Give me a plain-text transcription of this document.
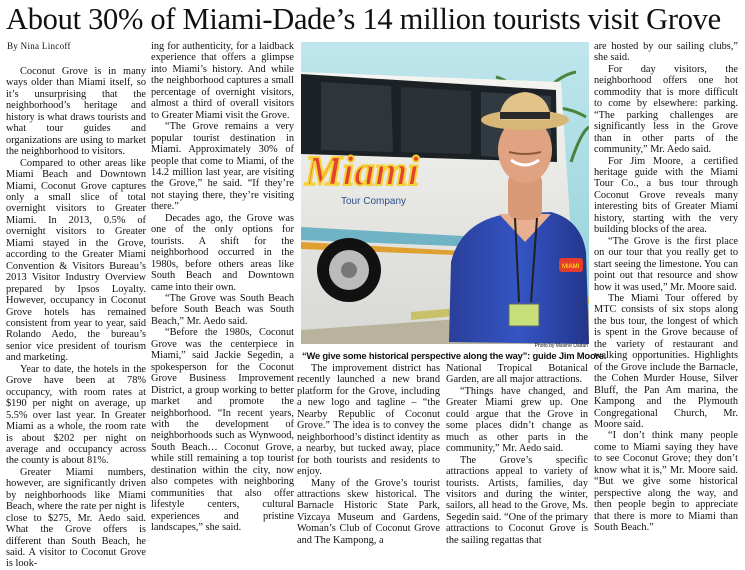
About 30% of Miami-Dade’s 14 million tourists visit Grove
By Nina Lincoff

Coconut Grove is in many ways older than Miami itself, so it’s unsurprising that the neighborhood’s heritage and history is what draws tourists and what tour guides and organizations are using to market the neighborhood to visitors.

Compared to other areas like Miami Beach and Downtown Miami, Coconut Grove captures only a small slice of total overnight visitors to Greater Miami. In 2013, 0.5% of overnight visitors to Greater Miami stayed in the Grove, according to the Greater Miami Convention & Visitors Bureau’s 2013 Visitor Industry Overview prepared by Ipsos Loyalty. However, occupancy in Coconut Grove hotels has remained consistent from year to year, said Rolando Aedo, the bureau’s senior vice president of tourism and marketing.

Year to date, the hotels in the Grove have been at 78% occupancy, with room rates at $190 per night on average, up 5.5% over last year. In Greater Miami as a whole, the room rate is about $202 per night on average and occupancy across the county is about 81%.

Greater Miami numbers, however, are significantly driven by neighborhoods like Miami Beach, where the rate per night is close to $275, Mr. Aedo said. What the Grove offers is different than South Beach, he said. A visitor to Coconut Grove is look-

ing for authenticity, for a laidback experience that offers a glimpse into Miami’s history. And while the neighborhood captures a small percentage of overnight visitors, almost a third of overall visitors to Greater Miami visit the Grove.

“The Grove remains a very popular tourist destination in Miami. Approximately 30% of people that come to Miami, of the 14.2 million last year, are visiting the Grove,” he said. “If they’re not staying there, they’re visiting there.”

Decades ago, the Grove was one of the only options for tourists. A shift for the neighborhood occurred in the 1980s, before others areas like South Beach and Downtown came into their own.

“The Grove was South Beach before South Beach was South Beach,” Mr. Aedo said.

“Before the 1980s, Coconut Grove was the centerpiece in Miami,” said Jackie Segedin, a spokesperson for the Coconut Grove Business Improvement District, a group working to better market and promote the neighborhood. “In recent years, with the development of neighborhoods such as Wynwood, South Beach… Coconut Grove, while still remaining a top tourist destination within the city, now also competes with neighboring communities that also offer lifestyle centers, cultural experiences and pristine landscapes,” she said.

Miami
Tour Company
MIAMI
Photo by Maxine Uadan
“We give some historical perspective along the way”: guide Jim Moore.

The improvement district has recently launched a new brand platform for the Grove, including a new logo and tagline – “the Nearby Republic of Coconut Grove.” The idea is to convey the neighborhood’s distinct identity as a nearby, but tucked away, place for both tourists and residents to enjoy.

Many of the Grove’s tourist attractions skew historical. The Barnacle Historic State Park, Vizcaya Museum and Gardens, Woman’s Club of Coconut Grove and The Kampong, a

National Tropical Botanical Garden, are all major attractions.

“Things have changed, and Greater Miami grew up. One could argue that the Grove in some places didn’t change as much as other parts in the community,” Mr. Aedo said.

The Grove’s specific attractions appeal to variety of tourists. Artists, families, day visitors and during the winter, sailors, all head to the Grove, Ms. Segedin said. “One of the primary attractions to Coconut Grove is the sailing regattas that

are hosted by our sailing clubs,” she said.

For day visitors, the neighborhood offers one hot commodity that is more difficult to come by elsewhere: parking. “The parking challenges are significantly less in the Grove than in other parts of the community,” Mr. Aedo said.

For Jim Moore, a certified heritage guide with the Miami Tour Co., a bus tour through Coconut Grove reveals many interesting bits of Greater Miami history, starting with the very building blocks of the area.

“The Grove is the first place on our tour that you really get to start seeing the limestone. You can point out that resource and show how it was used,” Mr. Moore said.

The Miami Tour offered by MTC consists of six stops along the bus tour, the longest of which is spent in the Grove because of the variety of restaurant and walking opportunities. Highlights of the Grove include the Barnacle, the Cohen Murder House, Silver Bluff, the Pan Am marina, the Kampong and the Plymouth Congregational Church, Mr. Moore said.

“I don’t think many people come to Miami saying they have to see Coconut Grove; they don’t know what it is,” Mr. Moore said. “But we give some historical perspective along the way, and then people begin to appreciate that there is more to Miami than South Beach.”
